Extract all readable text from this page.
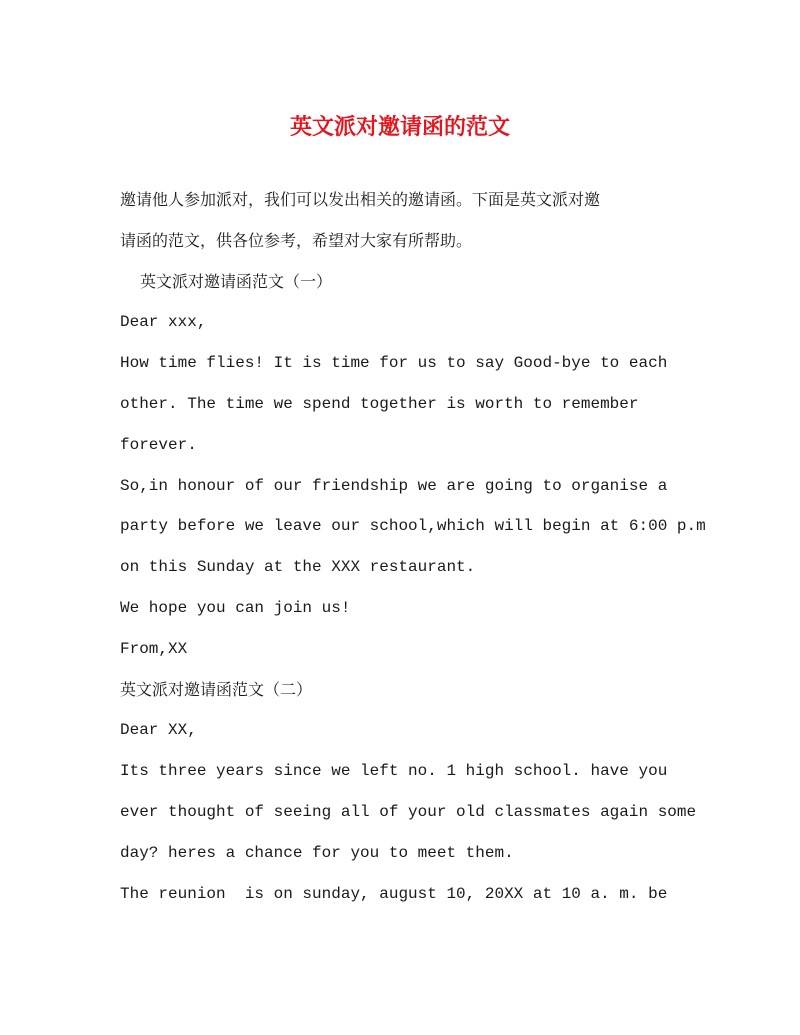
英文派对邀请函的范文
邀请他人参加派对，我们可以发出相关的邀请函。下面是英文派对邀
请函的范文，供各位参考，希望对大家有所帮助。
英文派对邀请函范文（一）
Dear xxx,
How time flies! It is time for us to say Good-bye to each
other. The time we spend together is worth to remember
forever.
So,in honour of our friendship we are going to organise a
party before we leave our school,which will begin at 6:00 p.m
on this Sunday at the XXX restaurant.
We hope you can join us!
From,XX
英文派对邀请函范文（二）
Dear XX,
Its three years since we left no. 1 high school. have you
ever thought of seeing all of your old classmates again some
day? heres a chance for you to meet them.
The reunion  is on sunday, august 10, 20XX at 10 a. m. be
